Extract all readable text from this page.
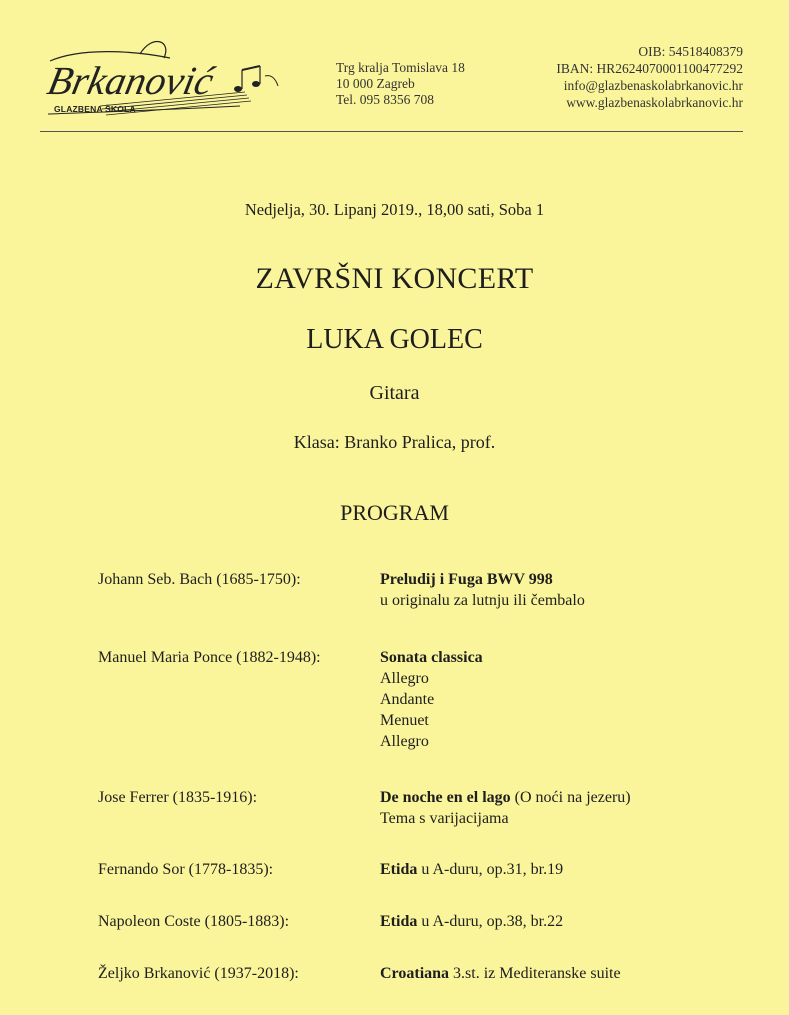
Brkanović
GLAZBENA ŠKOLA
Trg kralja Tomislava 18
10 000 Zagreb
Tel. 095 8356 708
OIB: 54518408379
IBAN: HR2624070001100477292
info@glazbenaskolabrkanovic.hr
www.glazbenaskolabrkanovic.hr
Nedjelja, 30. Lipanj 2019., 18,00 sati, Soba 1
ZAVRŠNI KONCERT
LUKA GOLEC
Gitara
Klasa: Branko Pralica, prof.
PROGRAM
Johann Seb. Bach (1685-1750):	Preludij i Fuga BWV 998
u originalu za lutnju ili čembalo
Manuel Maria Ponce (1882-1948):	Sonata classica
Allegro
Andante
Menuet
Allegro
Jose Ferrer (1835-1916):	De noche en el lago (O noći na jezeru)
Tema s varijacijama
Fernando Sor (1778-1835):	Etida u A-duru, op.31, br.19
Napoleon Coste (1805-1883):	Etida u A-duru, op.38, br.22
Željko Brkanović (1937-2018):	Croatiana 3.st. iz Mediteranske suite
